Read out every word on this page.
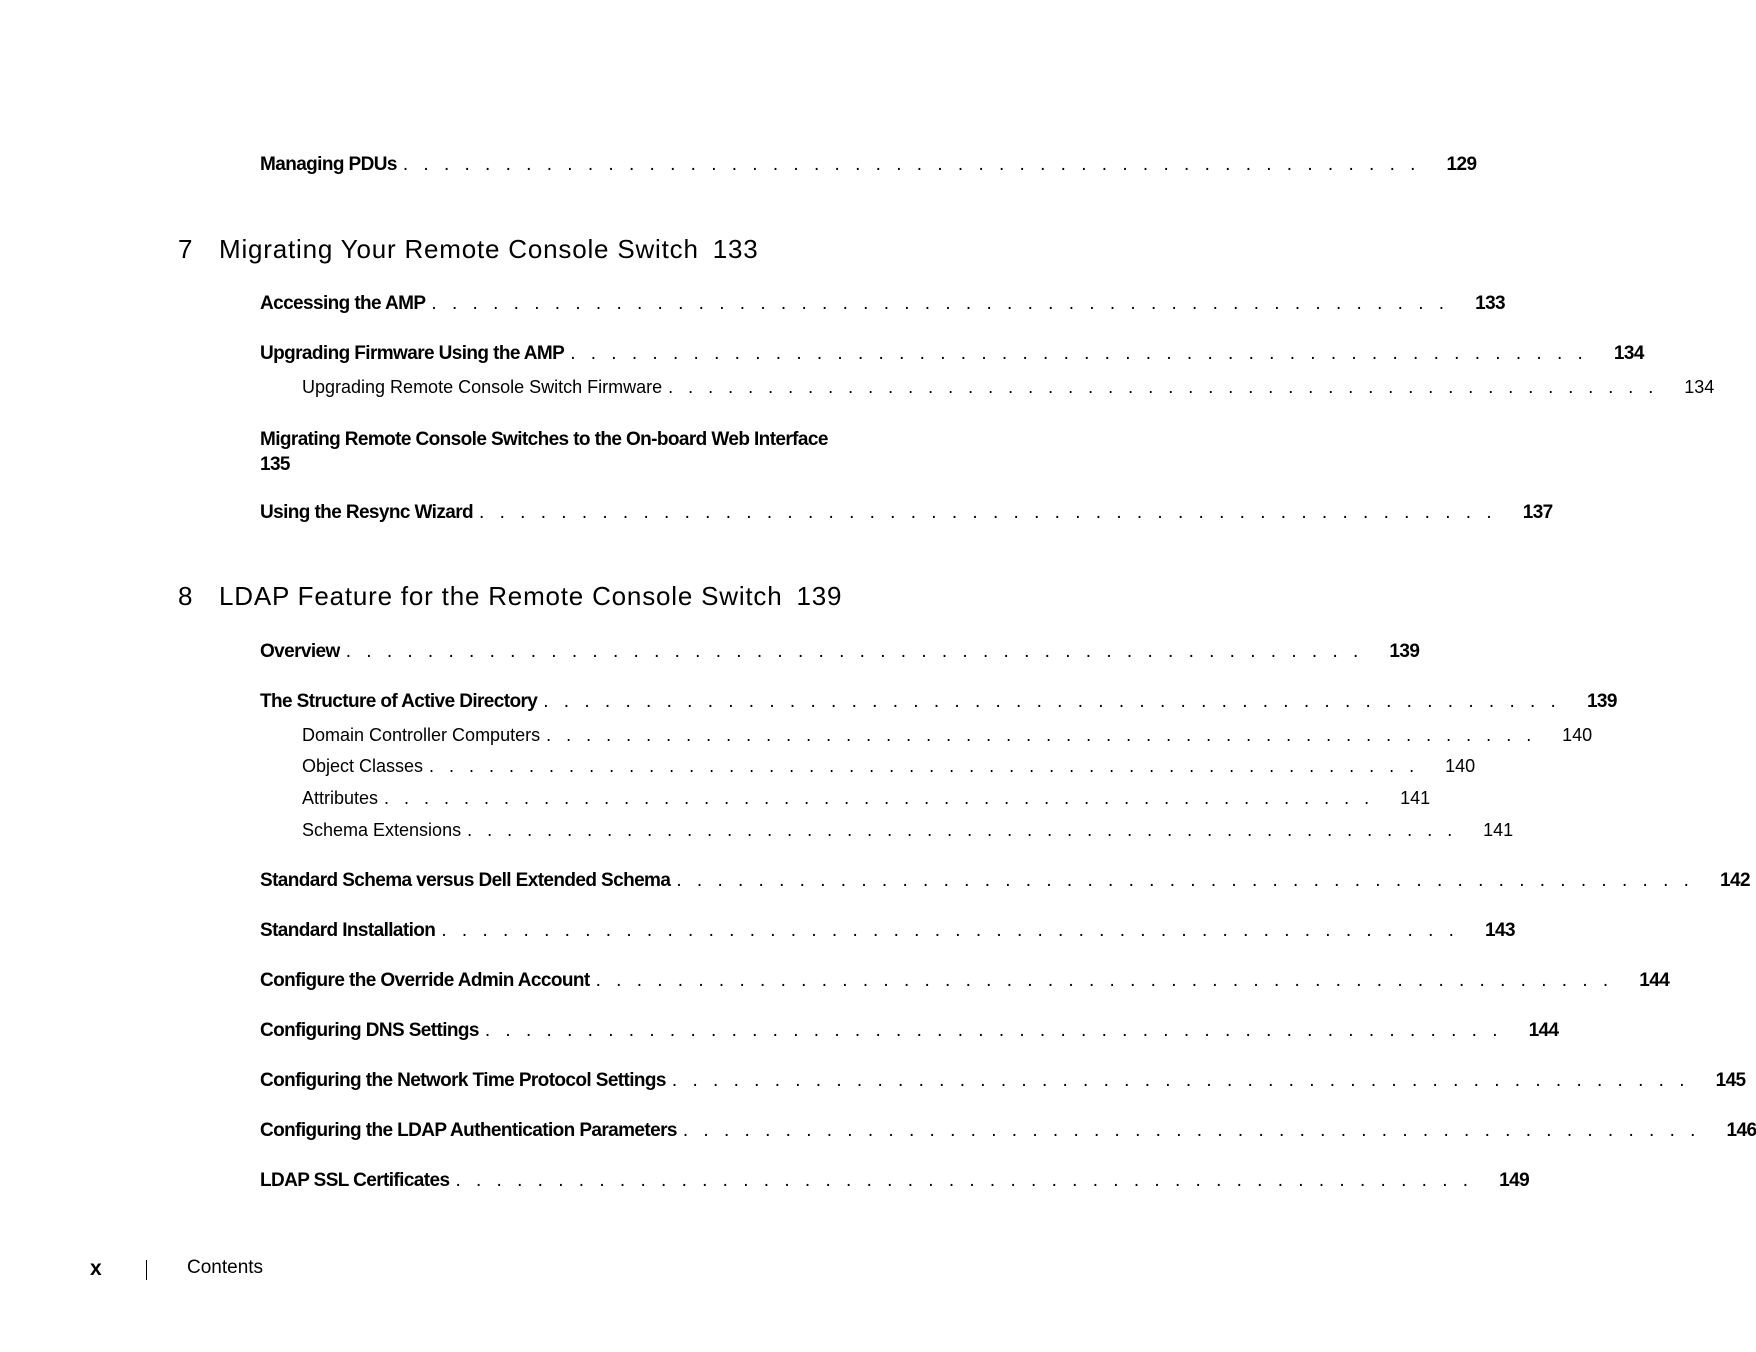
Managing PDUs . . . . . . . . . . . . . . . . . . . . . . . . . . . . . . . . . . . . . . . . . . . . . . . . . .	129
7 Migrating Your Remote Console Switch 133
Accessing the AMP . . . . . . . . . . . . . . . . . . . . . . . . . . . . . . . . . . . . . . . . . . . . . . . . . .	133
Upgrading Firmware Using the AMP . . . . . . . . . . . . . . . . . . . . . . . . . . . . . . . . . . . . . . . . . . . . . . . . . .	134
Upgrading Remote Console Switch Firmware . . . . . . . . . . . . . . . . . . . . . . . . . . . . . . . . . . . . . . . . . . . . . . . . . .	134
Migrating Remote Console Switches to the On-board Web Interface
135
Using the Resync Wizard . . . . . . . . . . . . . . . . . . . . . . . . . . . . . . . . . . . . . . . . . . . . . . . . . .	137
8 LDAP Feature for the Remote Console Switch 139
Overview . . . . . . . . . . . . . . . . . . . . . . . . . . . . . . . . . . . . . . . . . . . . . . . . . .	139
The Structure of Active Directory . . . . . . . . . . . . . . . . . . . . . . . . . . . . . . . . . . . . . . . . . . . . . . . . . .	139
Domain Controller Computers . . . . . . . . . . . . . . . . . . . . . . . . . . . . . . . . . . . . . . . . . . . . . . . . . .	140
Object Classes . . . . . . . . . . . . . . . . . . . . . . . . . . . . . . . . . . . . . . . . . . . . . . . . . .	140
Attributes . . . . . . . . . . . . . . . . . . . . . . . . . . . . . . . . . . . . . . . . . . . . . . . . . .	141
Schema Extensions . . . . . . . . . . . . . . . . . . . . . . . . . . . . . . . . . . . . . . . . . . . . . . . . . .	141
Standard Schema versus Dell Extended Schema . . . . . . . . . . . . . . . . . . . . . . . . . . . . . . . . . . . . . . . . . . . . . . . . . .	142
Standard Installation . . . . . . . . . . . . . . . . . . . . . . . . . . . . . . . . . . . . . . . . . . . . . . . . . .	143
Configure the Override Admin Account . . . . . . . . . . . . . . . . . . . . . . . . . . . . . . . . . . . . . . . . . . . . . . . . . .	144
Configuring DNS Settings . . . . . . . . . . . . . . . . . . . . . . . . . . . . . . . . . . . . . . . . . . . . . . . . . .	144
Configuring the Network Time Protocol Settings . . . . . . . . . . . . . . . . . . . . . . . . . . . . . . . . . . . . . . . . . . . . . . . . . .	145
Configuring the LDAP Authentication Parameters . . . . . . . . . . . . . . . . . . . . . . . . . . . . . . . . . . . . . . . . . . . . . . . . . .	146
LDAP SSL Certificates . . . . . . . . . . . . . . . . . . . . . . . . . . . . . . . . . . . . . . . . . . . . . . . . . .	149
x	Contents
